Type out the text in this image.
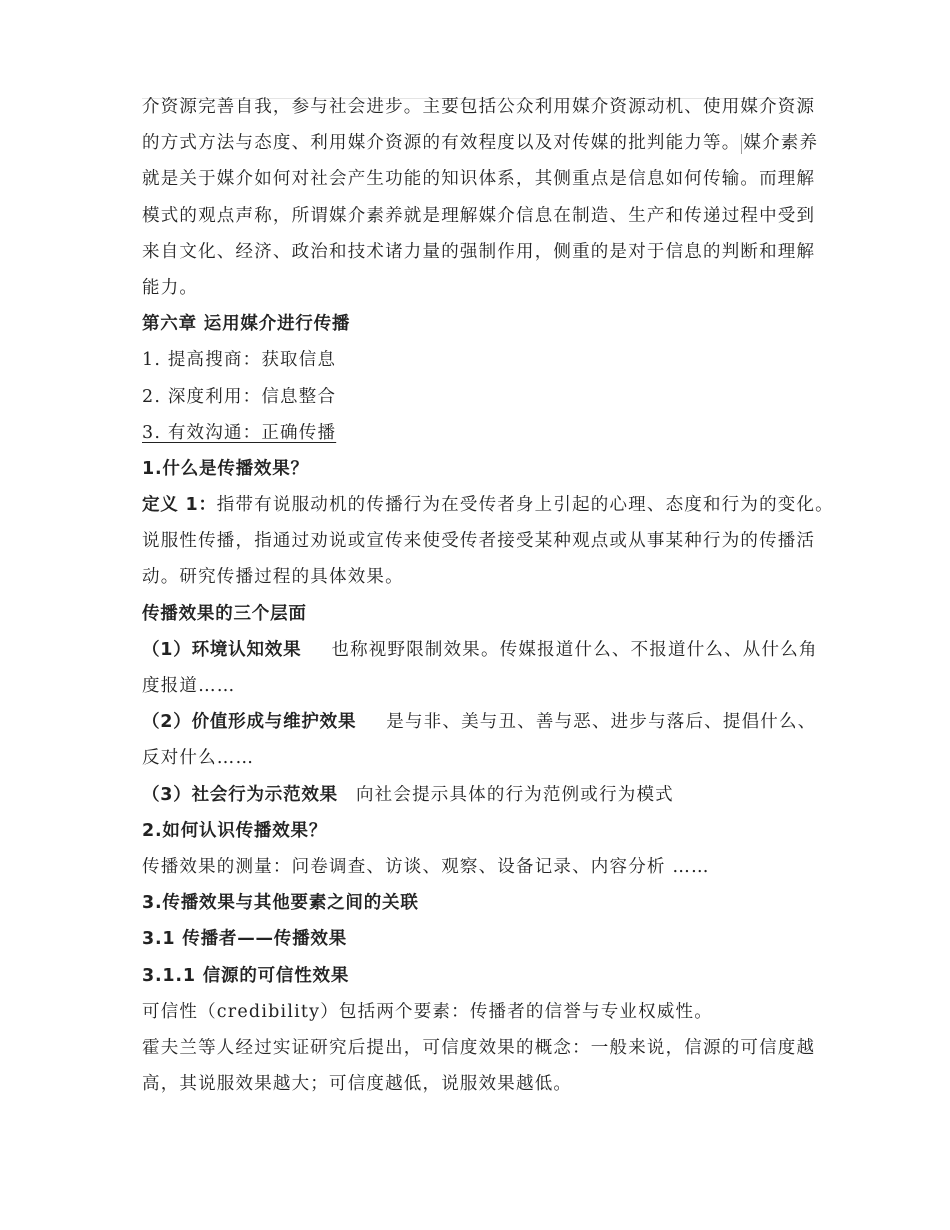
介资源完善自我，参与社会进步。主要包括公众利用媒介资源动机、使用媒介资源
的方式方法与态度、利用媒介资源的有效程度以及对传媒的批判能力等。 媒介素养
就是关于媒介如何对社会产生功能的知识体系，其侧重点是信息如何传输。而理解
模式的观点声称，所谓媒介素养就是理解媒介信息在制造、生产和传递过程中受到
来自文化、经济、政治和技术诸力量的强制作用，侧重的是对于信息的判断和理解
能力。
第六章 运用媒介进行传播
1. 提高搜商：获取信息
2. 深度利用：信息整合
3. 有效沟通：正确传播
1.什么是传播效果？
定义 1：指带有说服动机的传播行为在受传者身上引起的心理、态度和行为的变化。
说服性传播，指通过劝说或宣传来使受传者接受某种观点或从事某种行为的传播活
动。研究传播过程的具体效果。
传播效果的三个层面
（1）环境认知效果 也称视野限制效果。传媒报道什么、不报道什么、从什么角
度报道……
（2）价值形成与维护效果 是与非、美与丑、善与恶、进步与落后、提倡什么、
反对什么……
（3）社会行为示范效果 向社会提示具体的行为范例或行为模式
2.如何认识传播效果？
传播效果的测量：问卷调查、访谈、观察、设备记录、内容分析 ……
3.传播效果与其他要素之间的关联
3.1 传播者——传播效果
3.1.1 信源的可信性效果
可信性（credibility）包括两个要素：传播者的信誉与专业权威性。
霍夫兰等人经过实证研究后提出，可信度效果的概念：一般来说，信源的可信度越
高，其说服效果越大；可信度越低，说服效果越低。
